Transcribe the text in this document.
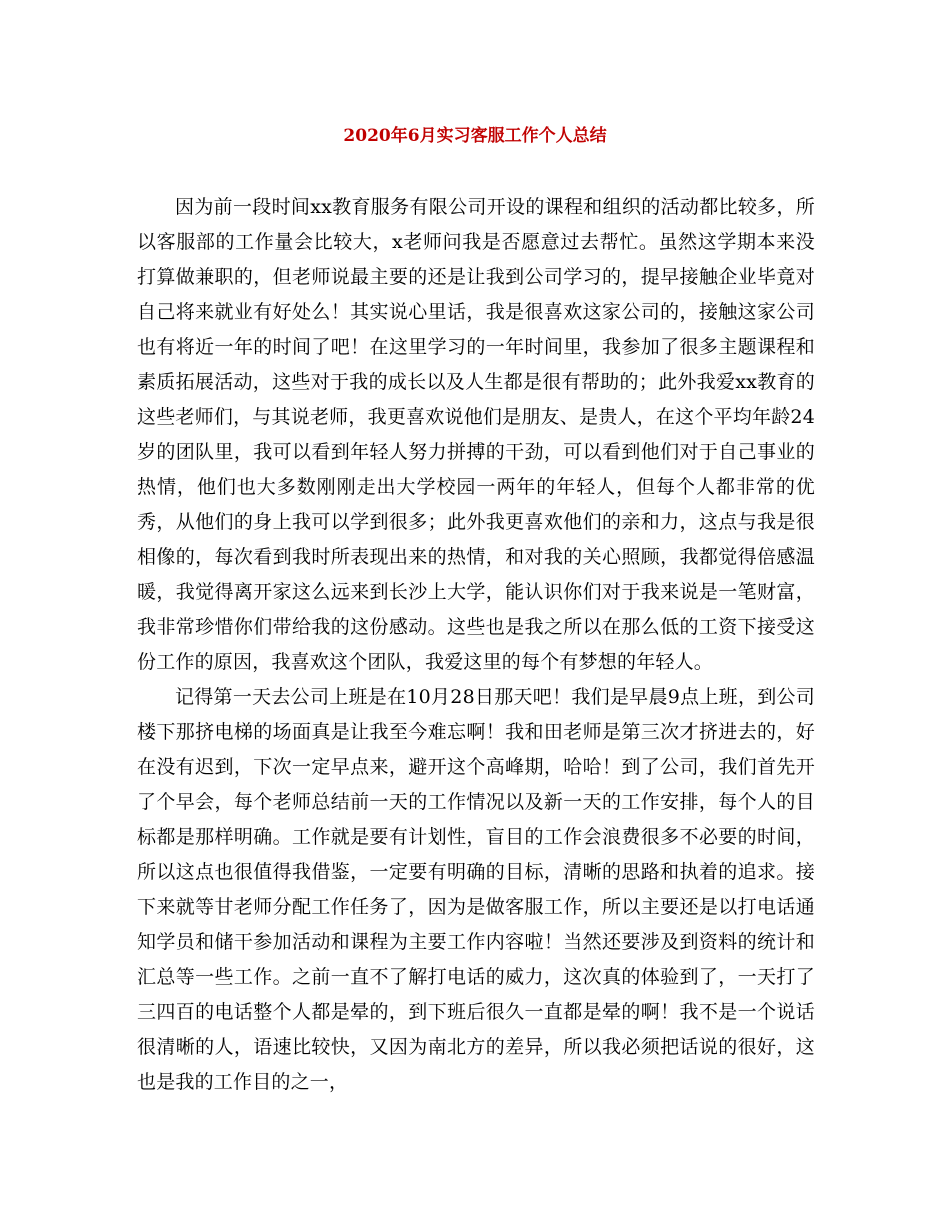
2020年6月实习客服工作个人总结

因为前一段时间xx教育服务有限公司开设的课程和组织的活动都比较多，所以客服部的工作量会比较大，x老师问我是否愿意过去帮忙。虽然这学期本来没打算做兼职的，但老师说最主要的还是让我到公司学习的，提早接触企业毕竟对自己将来就业有好处么！其实说心里话，我是很喜欢这家公司的，接触这家公司也有将近一年的时间了吧！在这里学习的一年时间里，我参加了很多主题课程和素质拓展活动，这些对于我的成长以及人生都是很有帮助的；此外我爱xx教育的这些老师们，与其说老师，我更喜欢说他们是朋友、是贵人，在这个平均年龄24岁的团队里，我可以看到年轻人努力拼搏的干劲，可以看到他们对于自己事业的热情，他们也大多数刚刚走出大学校园一两年的年轻人，但每个人都非常的优秀，从他们的身上我可以学到很多；此外我更喜欢他们的亲和力，这点与我是很相像的，每次看到我时所表现出来的热情，和对我的关心照顾，我都觉得倍感温暖，我觉得离开家这么远来到长沙上大学，能认识你们对于我来说是一笔财富，我非常珍惜你们带给我的这份感动。这些也是我之所以在那么低的工资下接受这份工作的原因，我喜欢这个团队，我爱这里的每个有梦想的年轻人。

记得第一天去公司上班是在10月28日那天吧！我们是早晨9点上班，到公司楼下那挤电梯的场面真是让我至今难忘啊！我和田老师是第三次才挤进去的，好在没有迟到，下次一定早点来，避开这个高峰期，哈哈！到了公司，我们首先开了个早会，每个老师总结前一天的工作情况以及新一天的工作安排，每个人的目标都是那样明确。工作就是要有计划性，盲目的工作会浪费很多不必要的时间，所以这点也很值得我借鉴，一定要有明确的目标，清晰的思路和执着的追求。接下来就等甘老师分配工作任务了，因为是做客服工作，所以主要还是以打电话通知学员和储干参加活动和课程为主要工作内容啦！当然还要涉及到资料的统计和汇总等一些工作。之前一直不了解打电话的威力，这次真的体验到了，一天打了三四百的电话整个人都是晕的，到下班后很久一直都是晕的啊！我不是一个说话很清晰的人，语速比较快，又因为南北方的差异，所以我必须把话说的很好，这也是我的工作目的之一，
